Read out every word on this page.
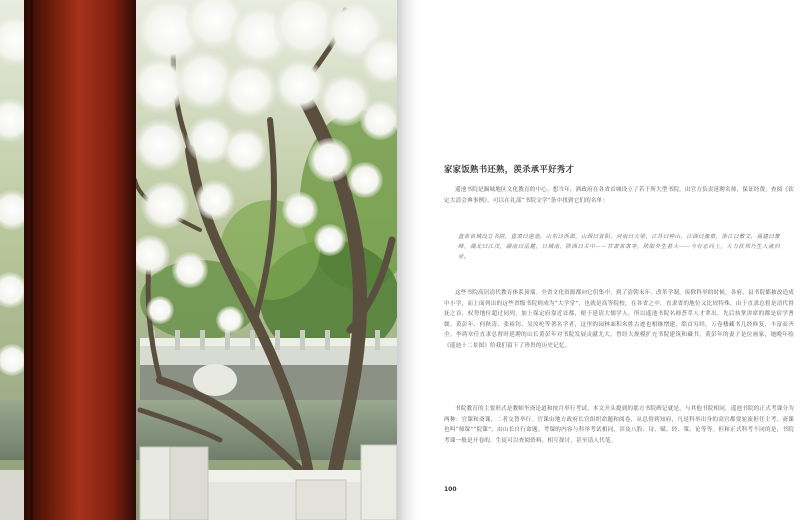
家家饭熟书还熟，羡杀承平好秀才

遥池书院是錫城地区文化教育的中心。想当年，洒政府在各省首城设立了若干所大型书院，由官方负责延聘名师，保证经费。查阅《钦定大清会典事例》，可以在礼部“书院文学”条中找到它们的名单：

直省省城设立书院，直隶曰莲池，山东曰泺源，山西曰晋阳，河南曰大梁，江苏曰钟山，江西曰豫章，浙江曰敷文，福建曰鳌峰，湖北曰江汉，湖南曰岳麓，日城南，陕西曰关中——甘肃省隶等，陕陷外生甚大——今有志向上，大力扶邦乃生人就归业。

这些书院高居清代教育体系顶端。全省文化资源都向它们集中，到了清朝末年，改革学制，废除科举的时候，各府、县书院都被改造成中小学，而上面列出的这些省级书院则成为“大学堂”，也就是高等院校。在各省之中，直隶省的地位又比较特殊，由于直隶总督是清代督抚之首，权势地位超过同列，加上保定府靠近首都，便于延请大儒学人，所以遥池书院名师荟萃人才辈出，先后执掌讲席的都是宿学耆儒。黄彭年、何秋涛、张裕钊、吴汝纶等著名学者，这里的园林面积名胜古迹也相继增建，皓首穷经，万卷楼藏书几经修复，丰富而齐全。李鸿章任直隶总督时延聘的山长黄彭年对书院发展贡献尤大，曾经大规模扩充书院建筑和藏书，黄彭年的妻子是位画家，她晚年绘《遥池十二景图》给我们留下了珍贵的历史记忆。

书院教育的主要形式是教师坐斋论道和按月举行考试。本文开头提到的那方书院碑记就是，与其他书院相同，遥池书院的正式考课分为两种：官课和斋课，二者交替举行。官课由地方政府长官组织命题和阅卷，从总督到知府，凡是科举出身的高官都要轮流担任主考。斋课也叫“师课”“院课”，由山长自行命题。考课的内容与科举考试相同，涉及八股、诗、赋、经、策、论等等。但和正式科考不同的是，书院考课一般是开卷的，生徒可以查阅资料、相互探讨，甚至请人代笔。

100
